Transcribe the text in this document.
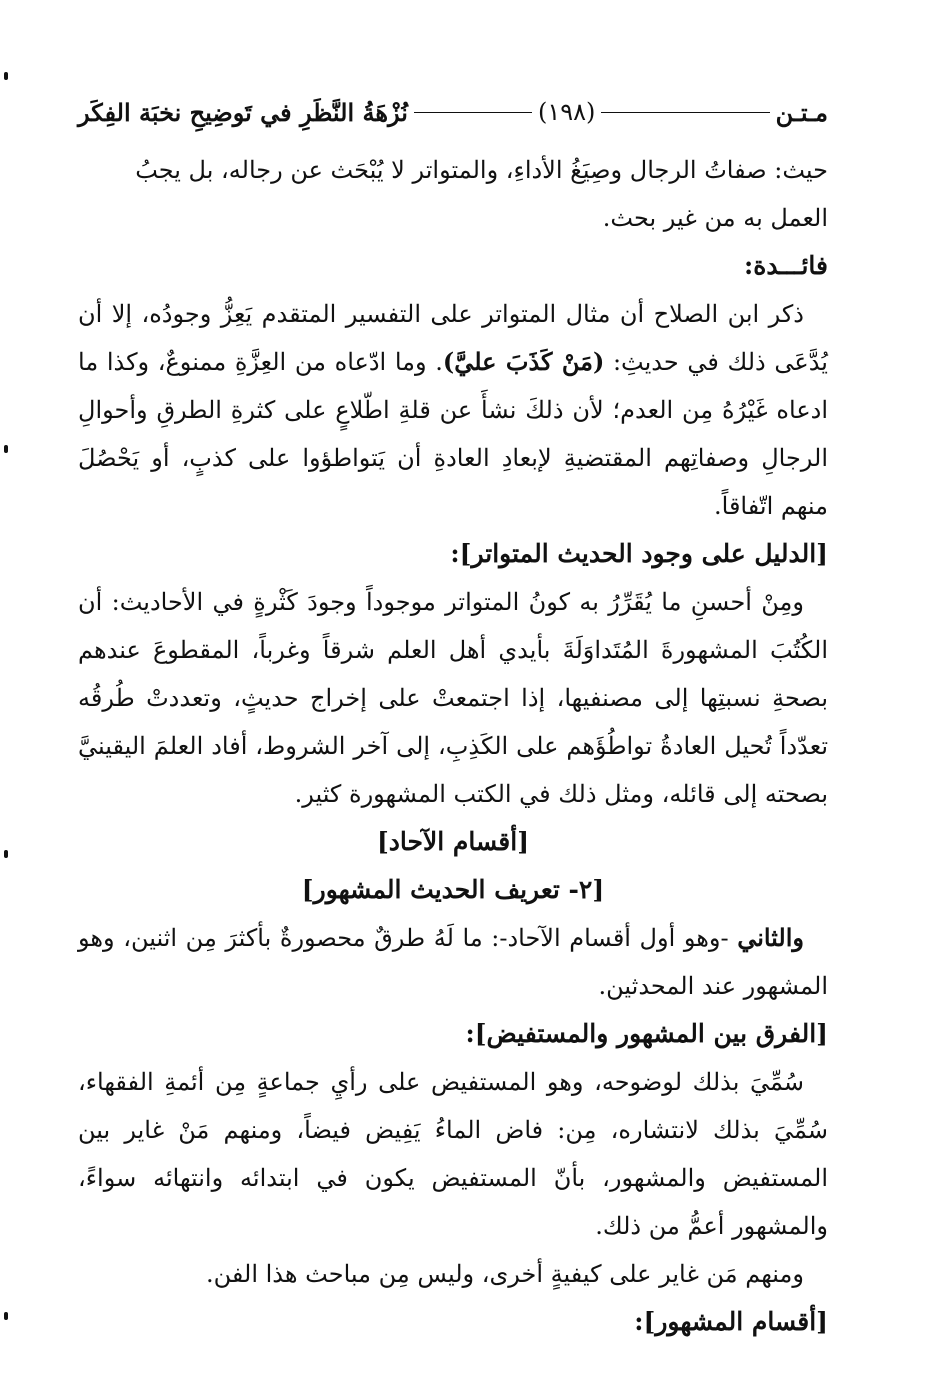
مـتـن
(١٩٨)
نُزْهَةُ النَّظَرِ في تَوضِيحِ نخبَة الفِكَر

حيث: صفاتُ الرجال وصِيَغُ الأداءِ، والمتواتر لا يُبْحَث عن رجاله، بل يجبُ
العمل به من غير بحث.

فائـــدة:

ذكر ابن الصلاح أن مثال المتواتر على التفسير المتقدم يَعِزُّ وجودُه، إلا أن يُدَّعَى ذلك في حديثِ: (مَنْ كَذَبَ عليَّ). وما ادّعاه من العِزَّةِ ممنوعٌ، وكذا ما ادعاه غَيْرُهُ مِن العدم؛ لأن ذلكَ نشأَ عن قلةِ اطّلاعٍ على كثرةِ الطرقِ وأحوالِ الرجالِ وصفاتِهم المقتضيةِ لإبعادِ العادةِ أن يَتواطؤوا على كذبٍ، أو يَحْصُلَ منهم اتّفاقاً.

[الدليل على وجود الحديث المتواتر]:

ومِنْ أحسنِ ما يُقَرِّرُ به كونُ المتواتر موجوداً وجودَ كَثْرةٍ في الأحاديث: أن الكُتُبَ المشهورةَ المُتَداوَلَةَ بأيدي أهل العلم شرقاً وغرباً، المقطوعَ عندهم بصحةِ نسبتِها إلى مصنفيها، إذا اجتمعتْ على إخراج حديثٍ، وتعددتْ طُرقُه تعدّداً تُحيل العادةُ تواطُؤَهم على الكَذِبِ، إلى آخر الشروط، أفاد العلمَ اليقينيَّ بصحته إلى قائله، ومثل ذلك في الكتب المشهورة كثير.

[أقسام الآحاد]
[٢- تعريف الحديث المشهور]

والثاني -وهو أول أقسام الآحاد-: ما لَهُ طرقٌ محصورةٌ بأكثرَ مِن اثنين، وهو المشهور عند المحدثين.

[الفرق بين المشهور والمستفيض]:

سُمِّيَ بذلك لوضوحه، وهو المستفيض على رأيِ جماعةٍ مِن أئمةِ الفقهاء، سُمِّيَ بذلك لانتشاره، مِن: فاض الماءُ يَفِيض فيضاً، ومنهم مَنْ غاير بين المستفيض والمشهور، بأنّ المستفيض يكون في ابتدائه وانتهائه سواءً، والمشهور أعمُّ من ذلك.

ومنهم مَن غاير على كيفيةٍ أخرى، وليس مِن مباحث هذا الفن.

[أقسام المشهور]:
